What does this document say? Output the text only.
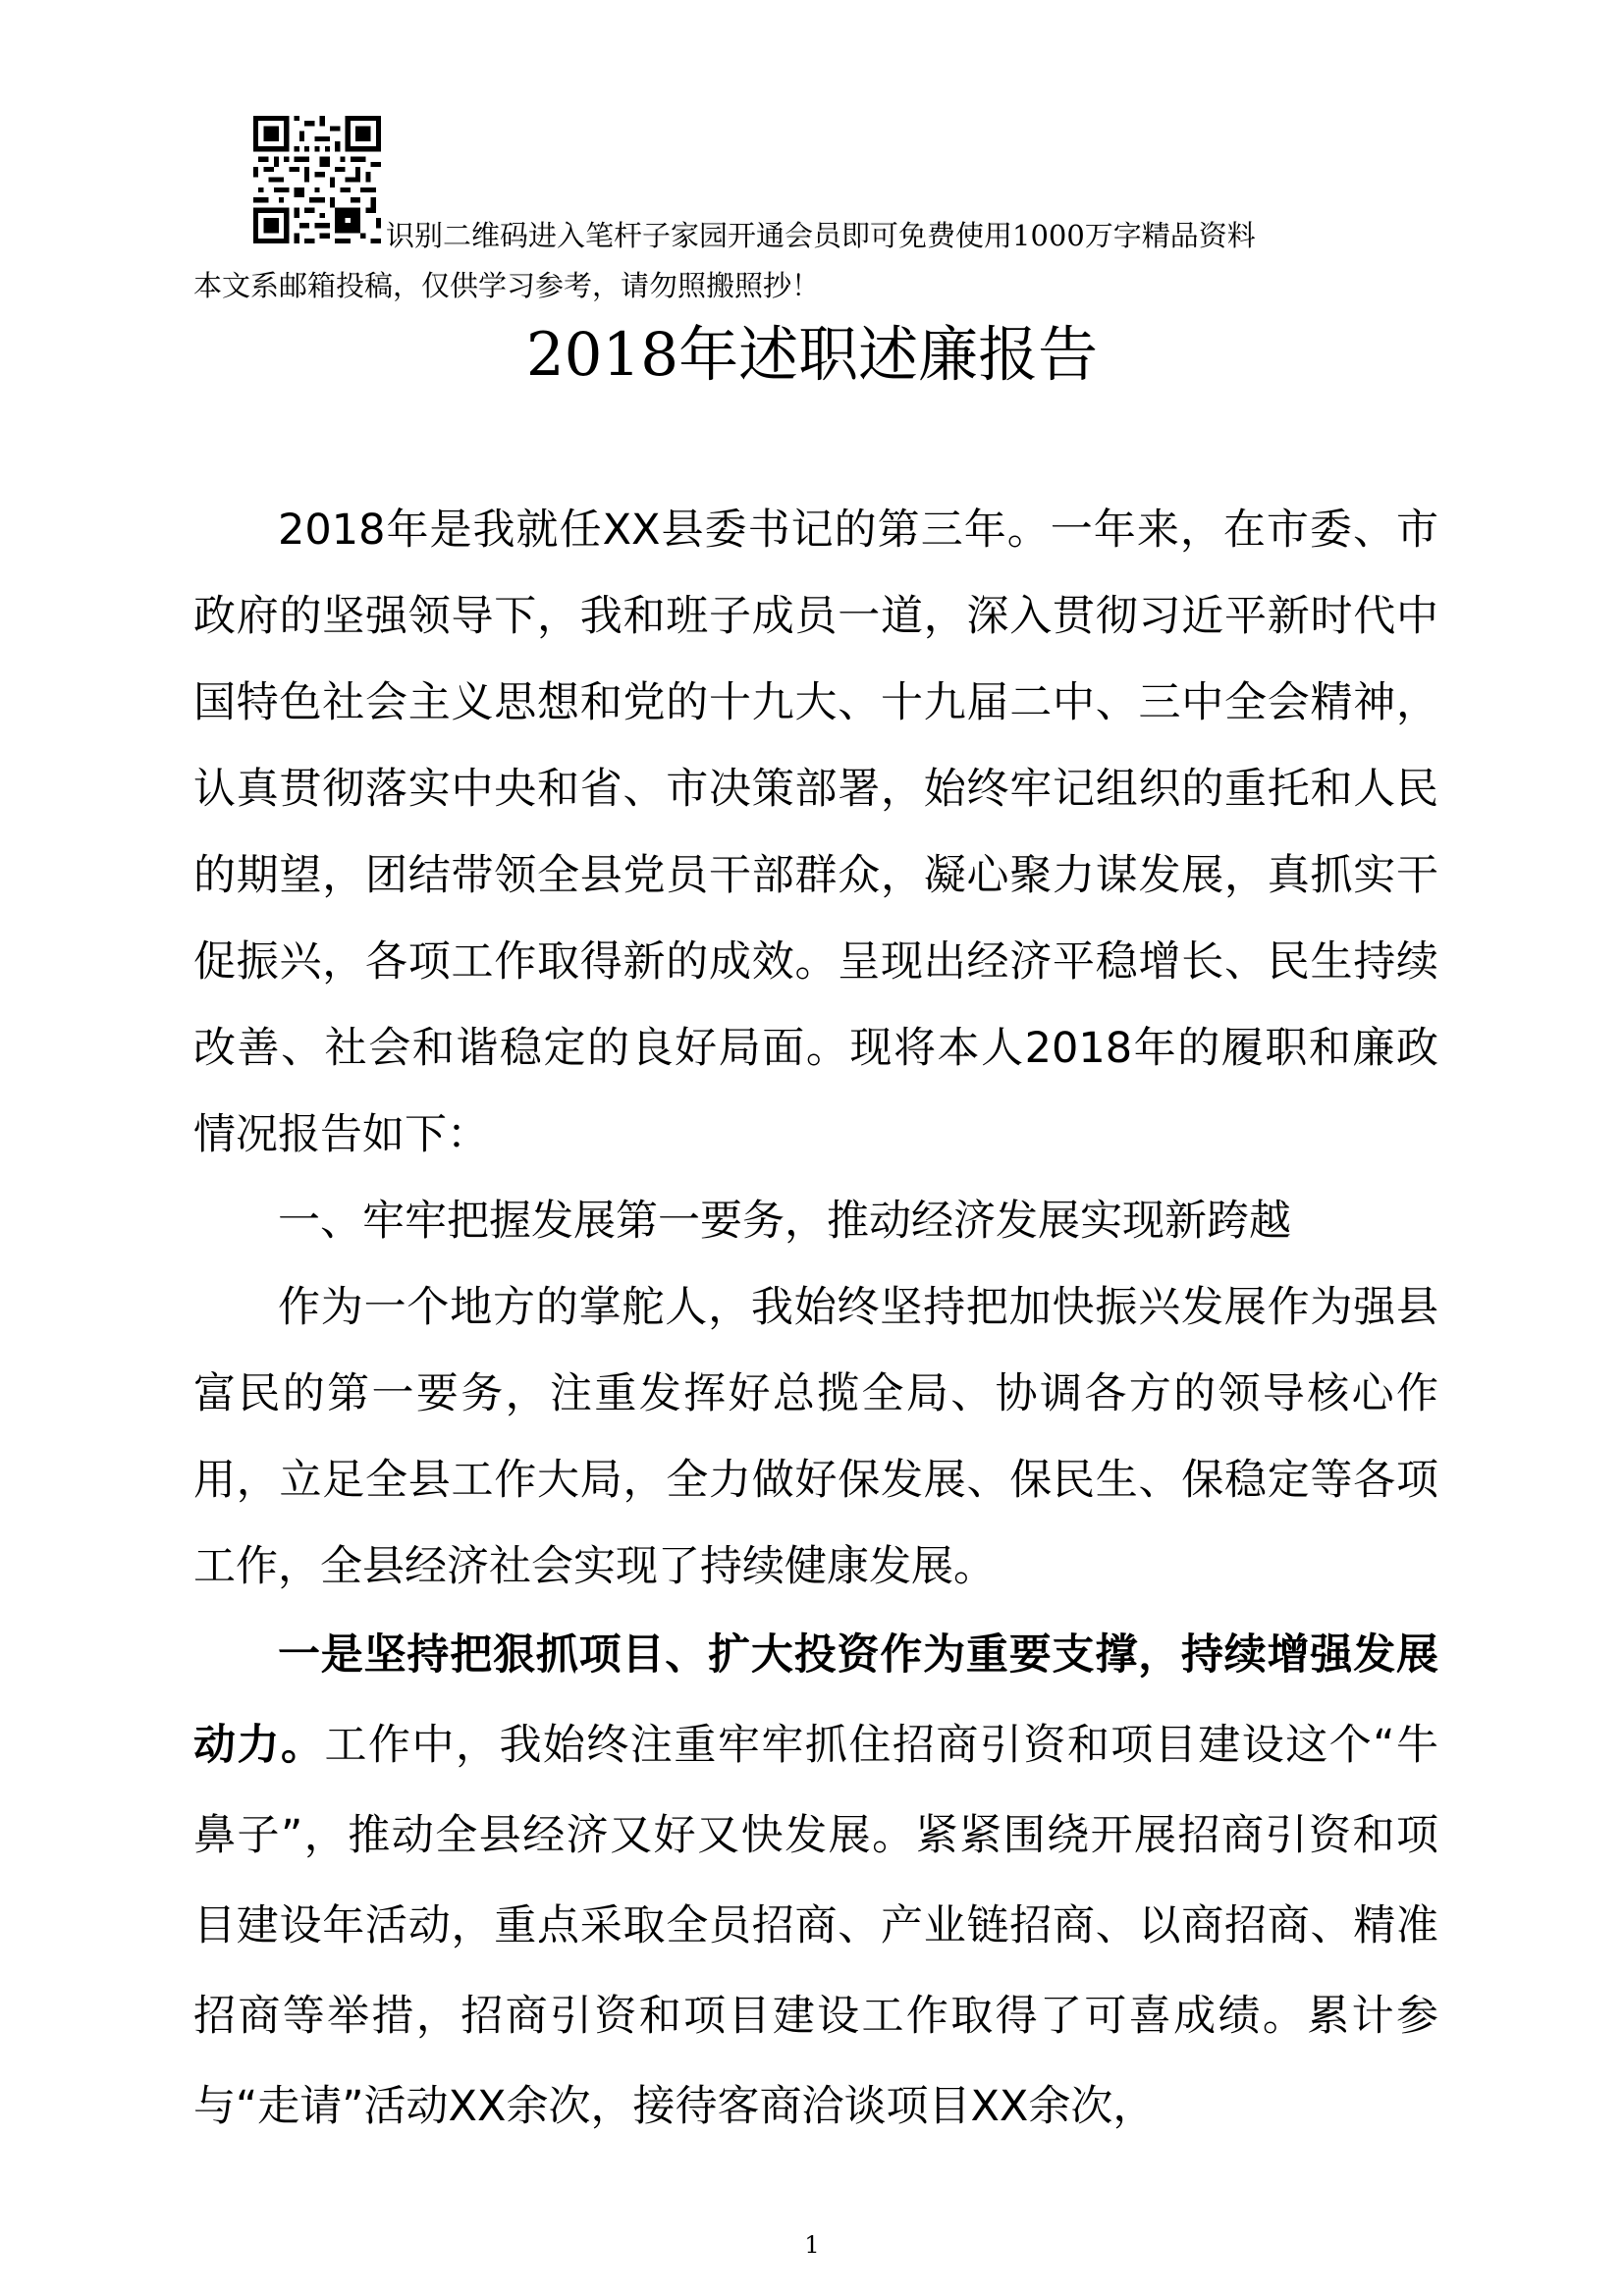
识别二维码进入笔杆子家园开通会员即可免费使用1000万字精品资料
本文系邮箱投稿，仅供学习参考，请勿照搬照抄！
2018年述职述廉报告

2018年是我就任XX县委书记的第三年。一年来，在市委、市政府的坚强领导下，我和班子成员一道，深入贯彻习近平新时代中国特色社会主义思想和党的十九大、十九届二中、三中全会精神，认真贯彻落实中央和省、市决策部署，始终牢记组织的重托和人民的期望，团结带领全县党员干部群众，凝心聚力谋发展，真抓实干促振兴，各项工作取得新的成效。呈现出经济平稳增长、民生持续改善、社会和谐稳定的良好局面。现将本人2018年的履职和廉政情况报告如下：

一、牢牢把握发展第一要务，推动经济发展实现新跨越

作为一个地方的掌舵人，我始终坚持把加快振兴发展作为强县富民的第一要务，注重发挥好总揽全局、协调各方的领导核心作用，立足全县工作大局，全力做好保发展、保民生、保稳定等各项工作，全县经济社会实现了持续健康发展。

一是坚持把狠抓项目、扩大投资作为重要支撑，持续增强发展动力。工作中，我始终注重牢牢抓住招商引资和项目建设这个“牛鼻子”，推动全县经济又好又快发展。紧紧围绕开展招商引资和项目建设年活动，重点采取全员招商、产业链招商、以商招商、精准招商等举措，招商引资和项目建设工作取得了可喜成绩。累计参与“走请”活动XX余次，接待客商洽谈项目XX余次，

1
